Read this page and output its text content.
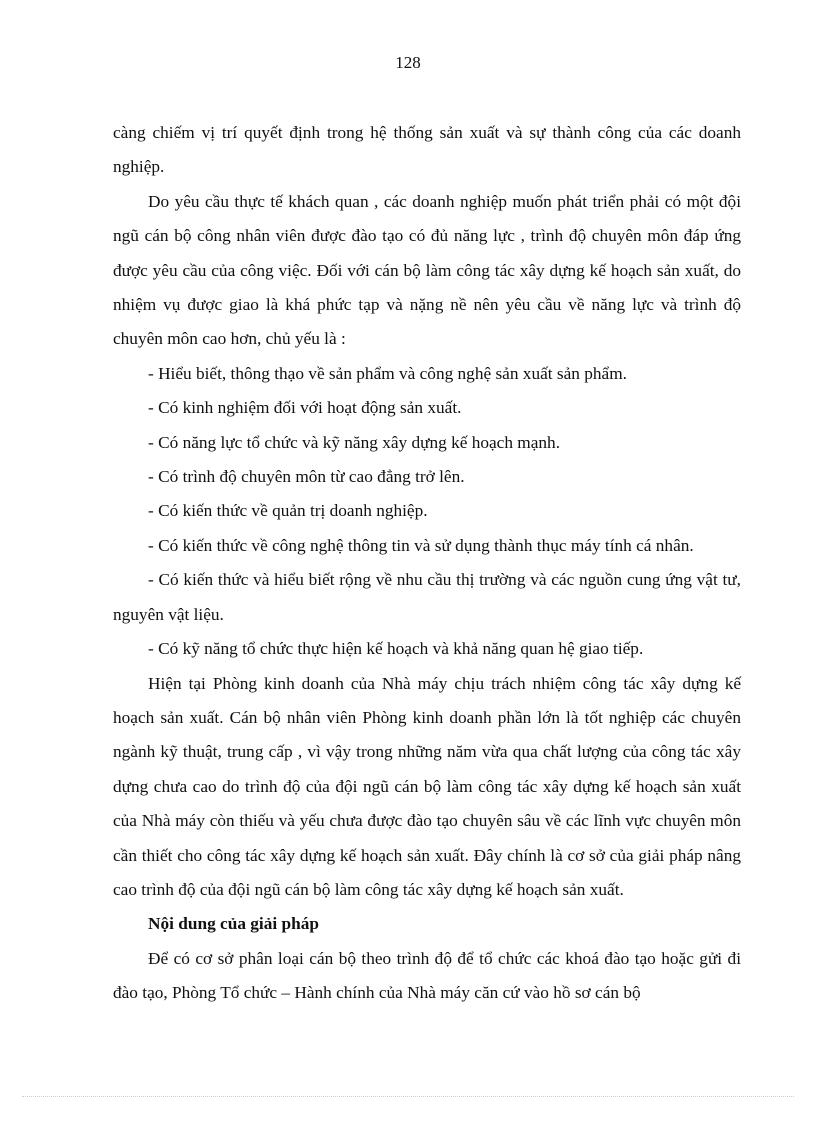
128

càng chiếm vị trí quyết định trong hệ thống sản xuất và sự thành công của các doanh nghiệp.

Do yêu cầu thực tế khách quan , các doanh nghiệp muốn phát triển phải có một đội ngũ cán bộ công nhân viên được đào tạo có đủ năng lực , trình độ chuyên môn đáp ứng được yêu cầu của công việc. Đối với cán bộ làm công tác xây dựng kế hoạch sản xuất, do nhiệm vụ được giao là khá phức tạp và nặng nề nên yêu cầu về năng lực và trình độ chuyên môn cao hơn, chủ yếu là :

- Hiểu biết, thông thạo về sản phẩm và công nghệ sản xuất sản phẩm.

- Có kinh nghiệm đối với hoạt động sản xuất.

- Có năng lực tổ chức và kỹ năng xây dựng kế hoạch mạnh.

- Có trình độ chuyên môn từ cao đẳng trở lên.

- Có kiến thức về quản trị doanh nghiệp.

- Có kiến thức về công nghệ thông tin và sử dụng thành thục máy tính cá nhân.

- Có kiến thức và hiểu biết rộng về nhu cầu thị trường và các nguồn cung ứng vật tư, nguyên vật liệu.

- Có kỹ năng tổ chức thực hiện kế hoạch và khả năng quan hệ giao tiếp.

Hiện tại Phòng kinh doanh của Nhà máy chịu trách nhiệm công tác xây dựng kế hoạch sản xuất. Cán bộ nhân viên Phòng kinh doanh phần lớn là tốt nghiệp các chuyên ngành kỹ thuật, trung cấp , vì vậy trong những năm vừa qua chất lượng của công tác xây dựng chưa cao do trình độ của đội ngũ cán bộ làm công tác xây dựng kế hoạch sản xuất của Nhà máy còn thiếu và yếu chưa được đào tạo chuyên sâu về các lĩnh vực chuyên môn cần thiết cho công tác xây dựng kế hoạch sản xuất. Đây chính là cơ sở của giải pháp nâng cao trình độ của đội ngũ cán bộ làm công tác xây dựng kế hoạch sản xuất.

Nội dung của giải pháp

Để có cơ sở phân loại cán bộ theo trình độ để tổ chức các khoá đào tạo hoặc gửi đi đào tạo, Phòng Tổ chức – Hành chính của Nhà máy căn cứ vào hồ sơ cán bộ
